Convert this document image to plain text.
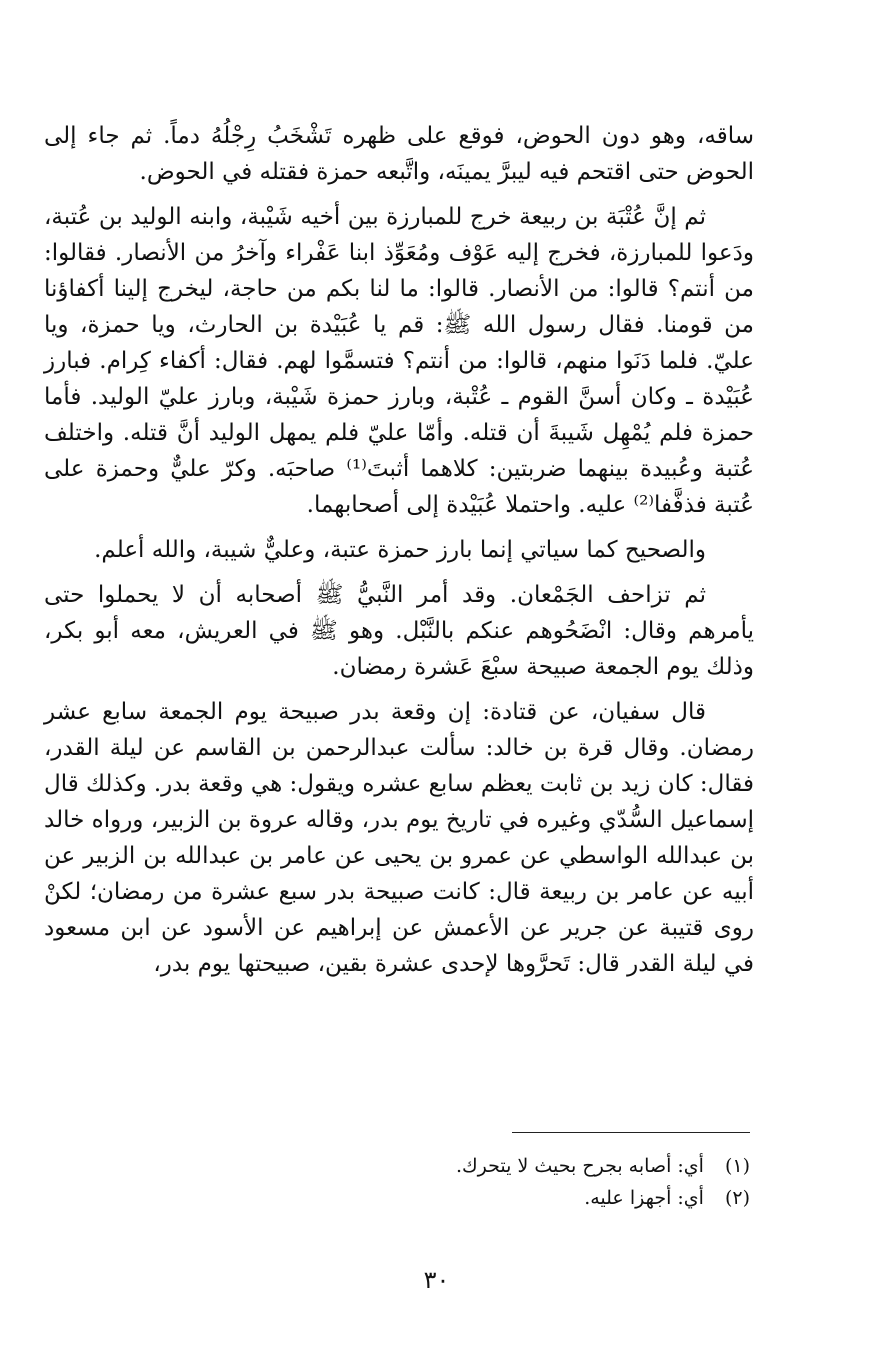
ساقه، وهو دون الحوض، فوقع على ظهره تَشْخَبُ رِجْلُهُ دماً. ثم جاء إلى الحوض حتى اقتحم فيه ليبرَّ يمينَه، واتَّبعه حمزة فقتله في الحوض.

ثم إنَّ عُتْبَة بن ربيعة خرج للمبارزة بين أخيه شَيْبة، وابنه الوليد بن عُتبة، ودَعوا للمبارزة، فخرج إليه عَوْف ومُعَوِّذ ابنا عَفْراء وآخرُ من الأنصار. فقالوا: من أنتم؟ قالوا: من الأنصار. قالوا: ما لنا بكم من حاجة، ليخرج إلينا أكفاؤنا من قومنا. فقال رسول الله ﷺ: قم يا عُبَيْدة بن الحارث، ويا حمزة، ويا عليّ. فلما دَنَوا منهم، قالوا: من أنتم؟ فتسمَّوا لهم. فقال: أكفاء كِرام. فبارز عُبَيْدة ـ وكان أسنَّ القوم ـ عُتْبة، وبارز حمزة شَيْبة، وبارز عليّ الوليد. فأما حمزة فلم يُمْهِل شَيبةَ أن قتله. وأمّا عليّ فلم يمهل الوليد أنَّ قتله. واختلف عُتبة وعُبيدة بينهما ضربتين: كلاهما أثبتَ⁽¹⁾ صاحبَه. وكرّ عليٌّ وحمزة على عُتبة فذفَّفا⁽²⁾ عليه. واحتملا عُبَيْدة إلى أصحابهما.

والصحيح كما سياتي إنما بارز حمزة عتبة، وعليٌّ شيبة، والله أعلم.

ثم تزاحف الجَمْعان. وقد أمر النَّبيُّ ﷺ أصحابه أن لا يحملوا حتى يأمرهم وقال: انْضَحُوهم عنكم بالنَّبْل. وهو ﷺ في العريش، معه أبو بكر، وذلك يوم الجمعة صبيحة سبْعَ عَشرة رمضان.

قال سفيان، عن قتادة: إن وقعة بدر صبيحة يوم الجمعة سابع عشر رمضان. وقال قرة بن خالد: سألت عبدالرحمن بن القاسم عن ليلة القدر، فقال: كان زيد بن ثابت يعظم سابع عشره ويقول: هي وقعة بدر. وكذلك قال إسماعيل السُّدّي وغيره في تاريخ يوم بدر، وقاله عروة بن الزبير، ورواه خالد بن عبدالله الواسطي عن عمرو بن يحيى عن عامر بن عبدالله بن الزبير عن أبيه عن عامر بن ربيعة قال: كانت صبيحة بدر سبع عشرة من رمضان؛ لكنْ روى قتيبة عن جرير عن الأعمش عن إبراهيم عن الأسود عن ابن مسعود في ليلة القدر قال: تَحرَّوها لإحدى عشرة بقين، صبيحتها يوم بدر،

(١) أي: أصابه بجرح بحيث لا يتحرك.

(٢) أي: أجهزا عليه.

٣٠
